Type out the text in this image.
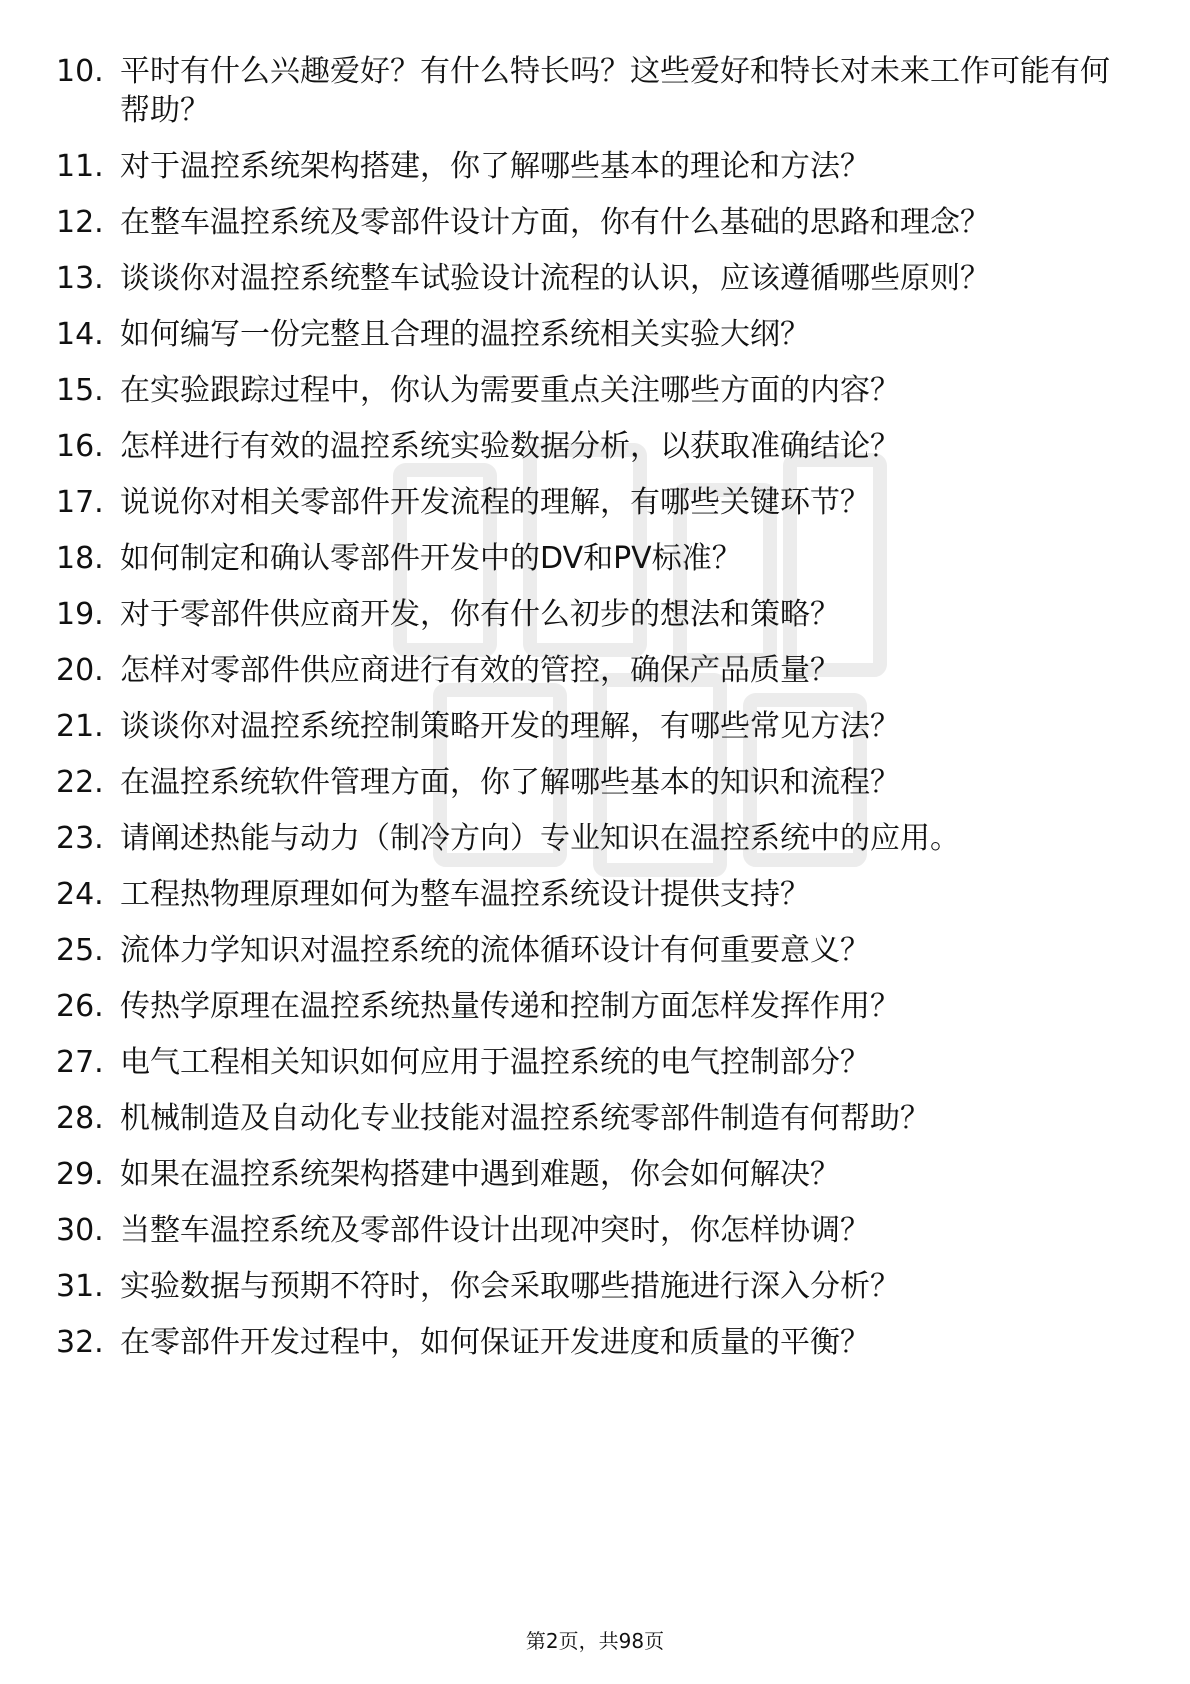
10. 平时有什么兴趣爱好？有什么特长吗？这些爱好和特长对未来工作可能有何帮助？
11. 对于温控系统架构搭建，你了解哪些基本的理论和方法？
12. 在整车温控系统及零部件设计方面，你有什么基础的思路和理念？
13. 谈谈你对温控系统整车试验设计流程的认识，应该遵循哪些原则？
14. 如何编写一份完整且合理的温控系统相关实验大纲？
15. 在实验跟踪过程中，你认为需要重点关注哪些方面的内容？
16. 怎样进行有效的温控系统实验数据分析，以获取准确结论？
17. 说说你对相关零部件开发流程的理解，有哪些关键环节？
18. 如何制定和确认零部件开发中的DV和PV标准？
19. 对于零部件供应商开发，你有什么初步的想法和策略？
20. 怎样对零部件供应商进行有效的管控，确保产品质量？
21. 谈谈你对温控系统控制策略开发的理解，有哪些常见方法？
22. 在温控系统软件管理方面，你了解哪些基本的知识和流程？
23. 请阐述热能与动力（制冷方向）专业知识在温控系统中的应用。
24. 工程热物理原理如何为整车温控系统设计提供支持？
25. 流体力学知识对温控系统的流体循环设计有何重要意义？
26. 传热学原理在温控系统热量传递和控制方面怎样发挥作用？
27. 电气工程相关知识如何应用于温控系统的电气控制部分？
28. 机械制造及自动化专业技能对温控系统零部件制造有何帮助？
29. 如果在温控系统架构搭建中遇到难题，你会如何解决？
30. 当整车温控系统及零部件设计出现冲突时，你怎样协调？
31. 实验数据与预期不符时，你会采取哪些措施进行深入分析？
32. 在零部件开发过程中，如何保证开发进度和质量的平衡？
第2页，共98页
